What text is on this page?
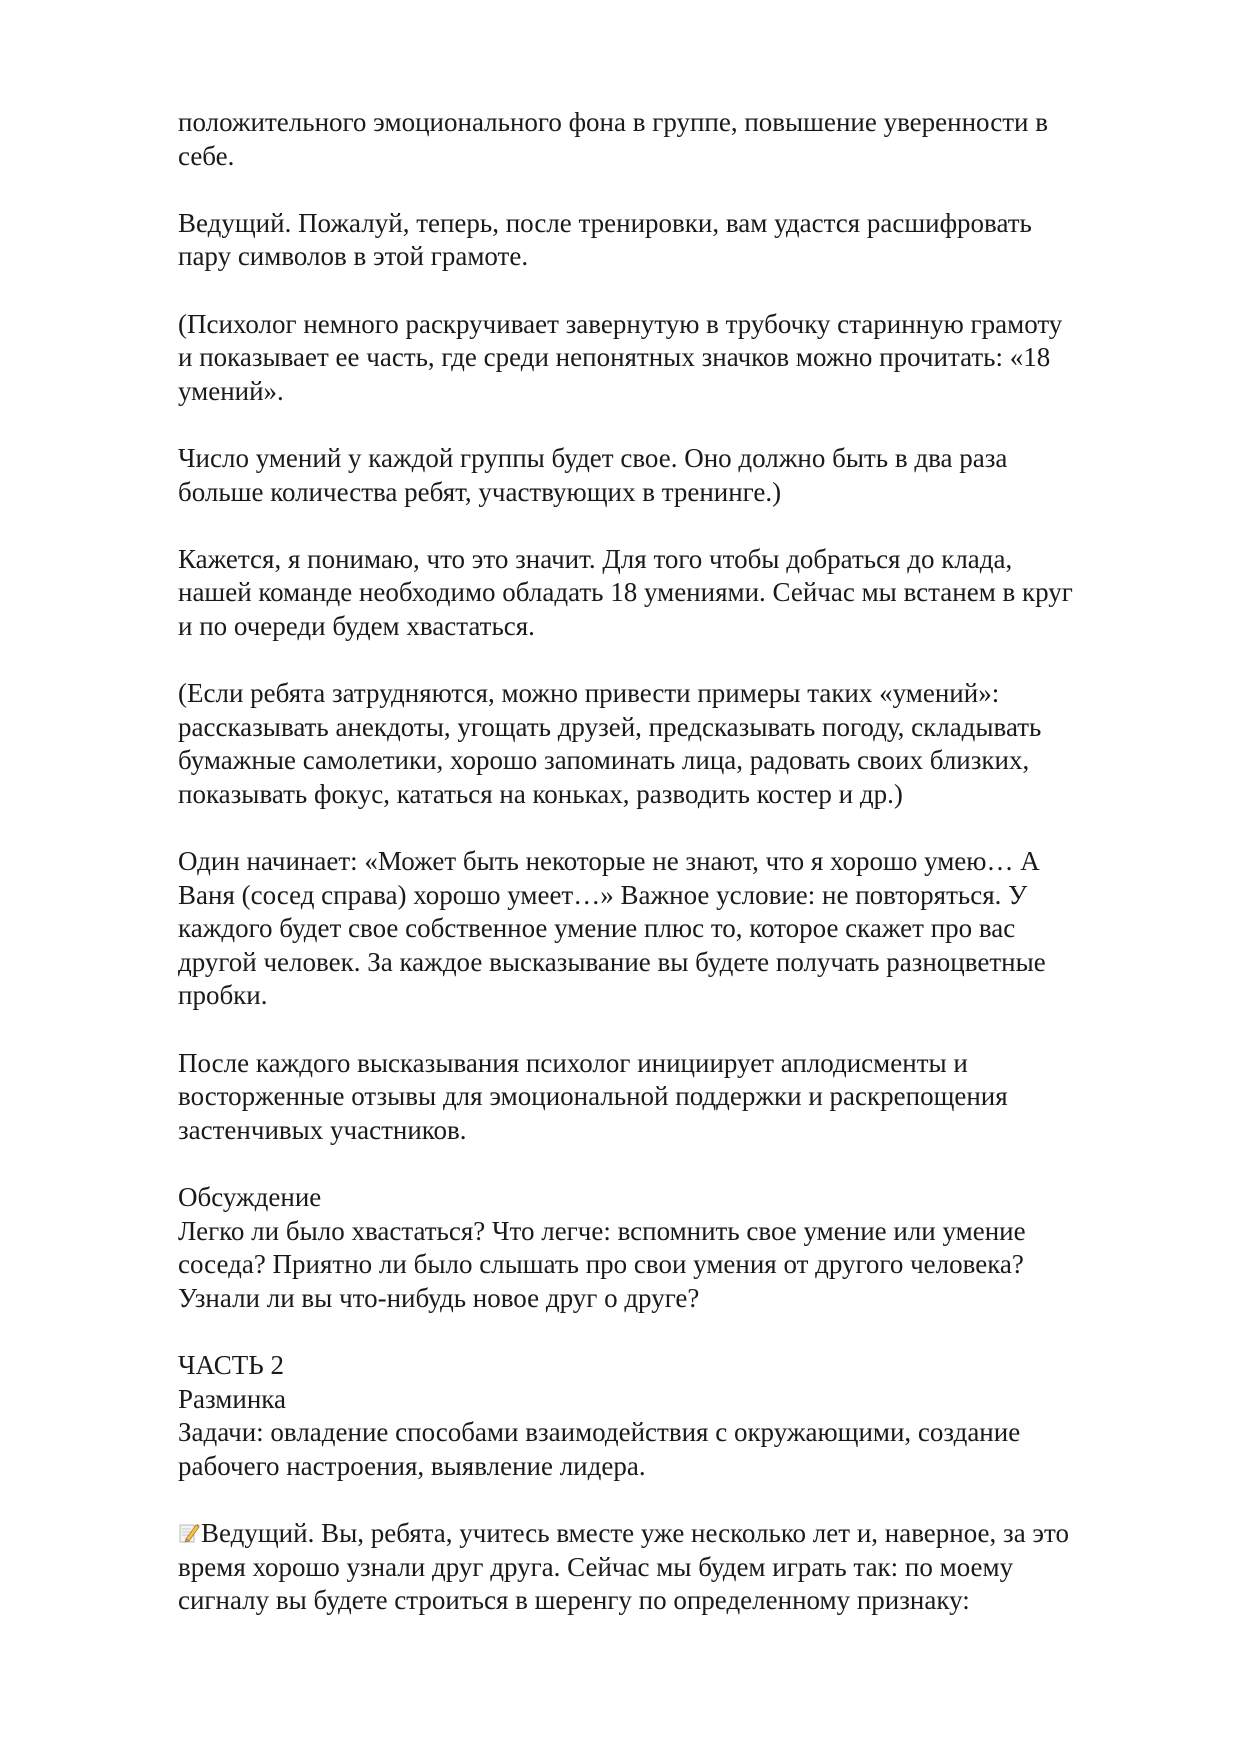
положительного эмоционального фона в группе, повышение уверенности в
себе.
Ведущий. Пожалуй, теперь, после тренировки, вам удастся расшифровать
пару символов в этой грамоте.
(Психолог немного раскручивает завернутую в трубочку старинную грамоту
и показывает ее часть, где среди непонятных значков можно прочитать: «18
умений».
Число умений у каждой группы будет свое. Оно должно быть в два раза
больше количества ребят, участвующих в тренинге.)
Кажется, я понимаю, что это значит. Для того чтобы добраться до клада,
нашей команде необходимо обладать 18 умениями. Сейчас мы встанем в круг
и по очереди будем хвастаться.
(Если ребята затрудняются, можно привести примеры таких «умений»:
рассказывать анекдоты, угощать друзей, предсказывать погоду, складывать
бумажные самолетики, хорошо запоминать лица, радовать своих близких,
показывать фокус, кататься на коньках, разводить костер и др.)
Один начинает: «Может быть некоторые не знают, что я хорошо умею… А
Ваня (сосед справа) хорошо умеет…» Важное условие: не повторяться. У
каждого будет свое собственное умение плюс то, которое скажет про вас
другой человек. За каждое высказывание вы будете получать разноцветные
пробки.
После каждого высказывания психолог инициирует аплодисменты и
восторженные отзывы для эмоциональной поддержки и раскрепощения
застенчивых участников.
Обсуждение
Легко ли было хвастаться? Что легче: вспомнить свое умение или умение
соседа? Приятно ли было слышать про свои умения от другого человека?
Узнали ли вы что-нибудь новое друг о друге?
ЧАСТЬ 2
Разминка
Задачи: овладение способами взаимодействия с окружающими, создание
рабочего настроения, выявление лидера.
Ведущий. Вы, ребята, учитесь вместе уже несколько лет и, наверное, за это
время хорошо узнали друг друга. Сейчас мы будем играть так: по моему
сигналу вы будете строиться в шеренгу по определенному признаку:
